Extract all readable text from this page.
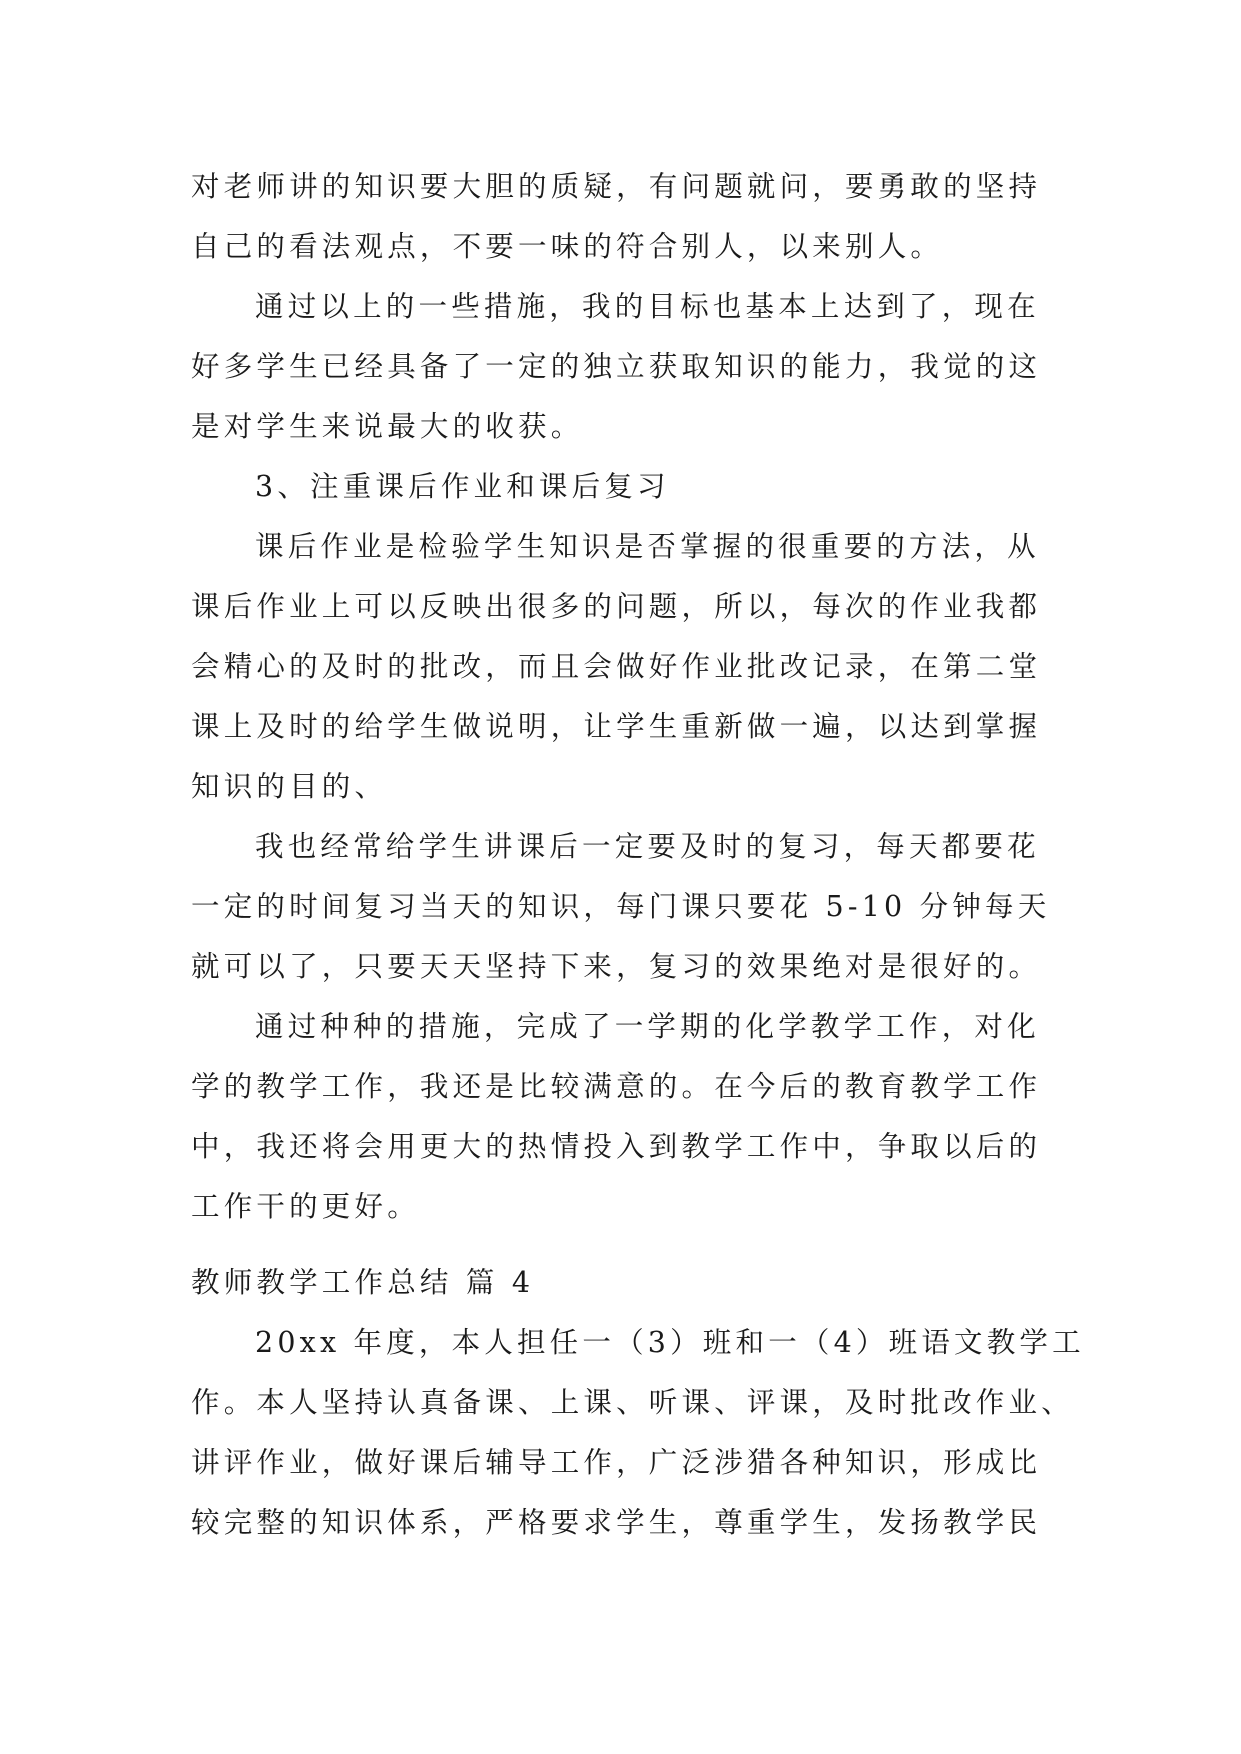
对老师讲的知识要大胆的质疑，有问题就问，要勇敢的坚持
自己的看法观点，不要一味的符合别人，以来别人。
通过以上的一些措施，我的目标也基本上达到了，现在
好多学生已经具备了一定的独立获取知识的能力，我觉的这
是对学生来说最大的收获。
3、注重课后作业和课后复习
课后作业是检验学生知识是否掌握的很重要的方法，从
课后作业上可以反映出很多的问题，所以，每次的作业我都
会精心的及时的批改，而且会做好作业批改记录，在第二堂
课上及时的给学生做说明，让学生重新做一遍，以达到掌握
知识的目的、
我也经常给学生讲课后一定要及时的复习，每天都要花
一定的时间复习当天的知识，每门课只要花 5-10 分钟每天
就可以了，只要天天坚持下来，复习的效果绝对是很好的。
通过种种的措施，完成了一学期的化学教学工作，对化
学的教学工作，我还是比较满意的。在今后的教育教学工作
中，我还将会用更大的热情投入到教学工作中，争取以后的
工作干的更好。
教师教学工作总结 篇 4
20xx 年度，本人担任一（3）班和一（4）班语文教学工
作。本人坚持认真备课、上课、听课、评课，及时批改作业、
讲评作业，做好课后辅导工作，广泛涉猎各种知识，形成比
较完整的知识体系，严格要求学生，尊重学生，发扬教学民
